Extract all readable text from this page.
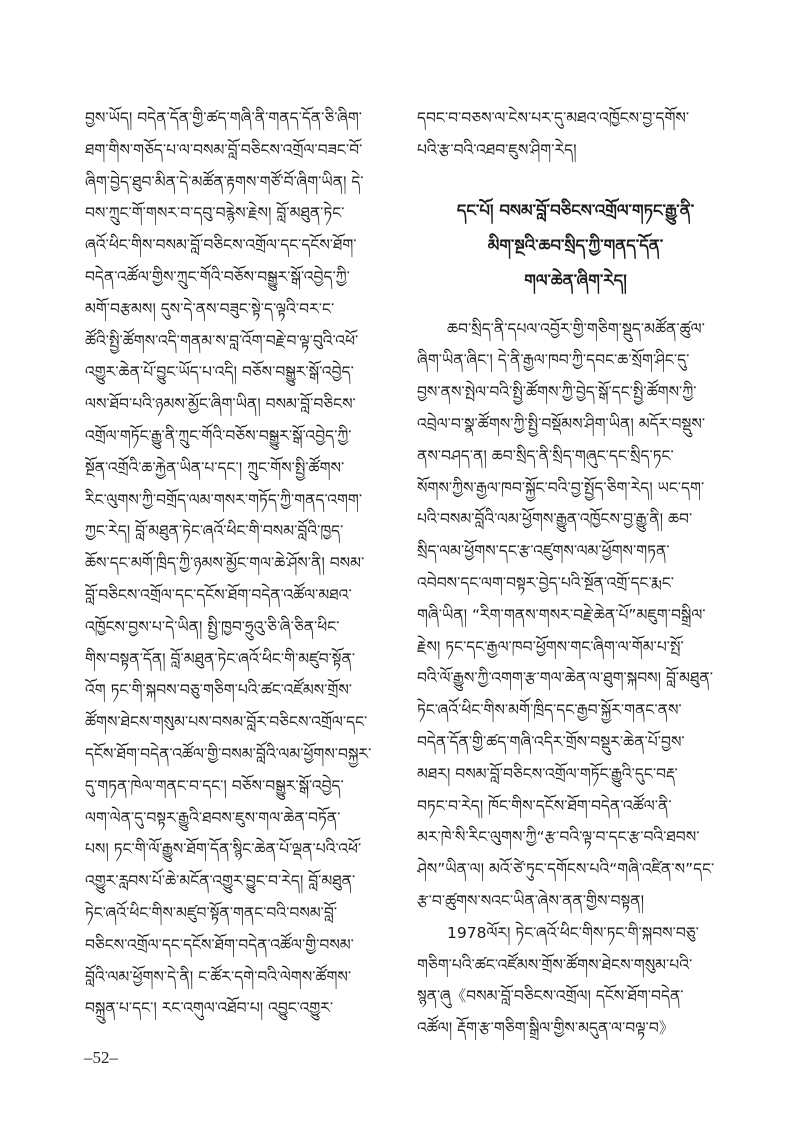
བྱས་ཡོད། བདེན་དོན་གྱི་ཚད་གཞི་ནི་གནད་དོན་ཅི་ཞིག་
ཐག་གིས་གཅོད་པ་ལ་བསམ་བློ་བཅིངས་འགྲོལ་བཟང་བོ་
ཞིག་བྱེད་ཐུབ་མིན་དེ་མཚོན་རྟགས་གཙོ་བོ་ཞིག་ཡིན། དེ་
བས་ཀྲུང་གོ་གསར་བ་དབུ་བརྙེས་རྗེས། བློ་མཐུན་ཏེང་
ཞའོ་ཕིང་གིས་བསམ་བློ་བཅིངས་འགྲོལ་དང་དངོས་ཐོག་
བདེན་འཚོལ་གྱིས་ཀྲུང་གོའི་བཅོས་བསྒྱུར་སྒོ་འབྱེད་ཀྱི་
མགོ་བརྩམས། དུས་དེ་ནས་བཟུང་སྟེ་ད་ལྟའི་བར་ང་
ཚོའི་སྤྱི་ཚོགས་འདི་གནམ་ས་བླ་འོག་བརྗེ་བ་ལྟ་བུའི་འཕོ་
འགྱུར་ཆེན་པོ་བྱུང་ཡོད་པ་འདི། བཅོས་བསྒྱུར་སྒོ་འབྱེད་
ལས་ཐོབ་པའི་ཉམས་མྱོང་ཞིག་ཡིན། བསམ་བློ་བཅིངས་
འགྲོལ་གཏོང་རྒྱུ་ནི་ཀྲུང་གོའི་བཅོས་བསྒྱུར་སྒོ་འབྱེད་ཀྱི་
སྔོན་འགྲོའི་ཆ་རྐྱེན་ཡིན་པ་དང་། ཀྲུང་གོས་སྤྱི་ཚོགས་
རིང་ལུགས་ཀྱི་བགྲོད་ལམ་གསར་གཏོད་ཀྱི་གནད་འགག་
ཀྱང་རེད། བློ་མཐུན་ཏེང་ཞའོ་ཕིང་གི་བསམ་བློའི་ཁྱད་
ཆོས་དང་མགོ་ཁྲིད་ཀྱི་ཉམས་མྱོང་གལ་ཆེ་ཤོས་ནི། བསམ་
བློ་བཅིངས་འགྲོལ་དང་དངོས་ཐོག་བདེན་འཚོལ་མཐའ་
འཁྱོངས་བྱས་པ་དེ་ཡིན། སྤྱི་ཁྱབ་ཧྲུའུ་ཅི་ཞི་ཅིན་ཕིང་
གིས་བསྟན་དོན། བློ་མཐུན་ཏེང་ཞའོ་ཕིང་གི་མཛུབ་སྟོན་
འོག ཏང་གི་སྐབས་བཅུ་གཅིག་པའི་ཚང་འཛོམས་གྲོས་
ཚོགས་ཐེངས་གསུམ་པས་བསམ་བློར་བཅིངས་འགྲོལ་དང་
དངོས་ཐོག་བདེན་འཚོལ་གྱི་བསམ་བློའི་ལམ་ཕྱོགས་བསྐྱར་
དུ་གཏན་ཁེལ་གནང་བ་དང་། བཅོས་བསྒྱུར་སྒོ་འབྱེད་
ལག་ལེན་དུ་བསྟར་རྒྱུའི་ཐབས་ཇུས་གལ་ཆེན་བཏོན་
པས། ཏང་གི་ལོ་རྒྱུས་ཐོག་དོན་སྙིང་ཆེན་པོ་ལྡན་པའི་འཕོ་
འགྱུར་རླབས་པོ་ཆེ་མངོན་འགྱུར་བྱུང་བ་རེད། བློ་མཐུན་
ཏེང་ཞའོ་ཕིང་གིས་མཛུབ་སྟོན་གནང་བའི་བསམ་བློ་
བཅིངས་འགྲོལ་དང་དངོས་ཐོག་བདེན་འཚོལ་གྱི་བསམ་
བློའི་ལམ་ཕྱོགས་དེ་ནི། ང་ཚོར་དགེ་བའི་ལེགས་ཚོགས་
བསྐྲུན་པ་དང་། རང་འགུལ་འཐོབ་པ། འབྱུང་འགྱུར་
དབང་བ་བཅས་ལ་ངེས་པར་དུ་མཐའ་འཁྱོངས་བྱ་དགོས་
པའི་རྩ་བའི་འཐབ་ཇུས་ཤིག་རེད།
དང་པོ། བསམ་བློ་བཅིངས་འགྲོལ་གཏང་རྒྱུ་ནི་
མིག་སྔའི་ཆབ་སྲིད་ཀྱི་གནད་དོན་
གལ་ཆེན་ཞིག་རེད།
ཆབ་སྲིད་ནི་དཔལ་འབྱོར་གྱི་གཅིག་སྡུད་མཚོན་ཚུལ་
ཞིག་ཡིན་ཞིང་། དེ་ནི་རྒྱལ་ཁབ་ཀྱི་དབང་ཆ་སྲོག་ཤིང་དུ་
བྱས་ནས་སྤེལ་བའི་སྤྱི་ཚོགས་ཀྱི་བྱེད་སྒོ་དང་སྤྱི་ཚོགས་ཀྱི་
འབྲེལ་བ་སྣ་ཚོགས་ཀྱི་སྤྱི་བསྡོམས་ཤིག་ཡིན། མདོར་བསྡུས་
ནས་བཤད་ན། ཆབ་སྲིད་ནི་སྲིད་གཞུང་དང་སྲིད་ཏང་
སོགས་ཀྱིས་རྒྱལ་ཁབ་སྐྱོང་བའི་བྱ་སྤྱོད་ཅིག་རེད། ཡང་དག་
པའི་བསམ་བློའི་ལམ་ཕྱོགས་རྒྱུན་འཁྱོངས་བྱ་རྒྱུ་ནི། ཆབ་
སྲིད་ལམ་ཕྱོགས་དང་རྩ་འཛུགས་ལམ་ཕྱོགས་གཏན་
འབེབས་དང་ལག་བསྟར་བྱེད་པའི་སྔོན་འགྲོ་དང་རྨང་
གཞི་ཡིན། “རིག་གནས་གསར་བརྗེ་ཆེན་པོ”མཇུག་བསྒྲིལ་
རྗེས། ཏང་དང་རྒྱལ་ཁབ་ཕྱོགས་གང་ཞིག་ལ་གོམ་པ་སྤོ་
བའི་ལོ་རྒྱུས་ཀྱི་འགག་རྩ་གལ་ཆེན་ལ་ཐུག་སྐབས། བློ་མཐུན་
ཏེང་ཞའོ་ཕིང་གིས་མགོ་ཁྲིད་དང་རྒྱབ་སྐྱོར་གནང་ནས་
བདེན་དོན་གྱི་ཚད་གཞི་འདིར་གྲོས་བསྡུར་ཆེན་པོ་བྱས་
མཐར། བསམ་བློ་བཅིངས་འགྲོལ་གཏོང་རྒྱུའི་དུང་བརྡ་
བཏང་བ་རེད། ཁོང་གིས་དངོས་ཐོག་བདེན་འཚོལ་ནི་
མར་ཁེ་སི་རིང་ལུགས་ཀྱི“རྩ་བའི་ལྟ་བ་དང་རྩ་བའི་ཐབས་
ཤེས”ཡིན་ལ། མའོ་ཙེ་ཏུང་དགོངས་པའི“གཞི་འཛིན་ས”དང་
རྩ་བ་ཚུགས་སའང་ཡིན་ཞེས་ནན་གྱིས་བསྟན།
1978ལོར། ཏེང་ཞའོ་ཕིང་གིས་ཏང་གི་སྐབས་བཅུ་
གཅིག་པའི་ཚང་འཛོམས་གྲོས་ཚོགས་ཐེངས་གསུམ་པའི་
སྙན་ཞུ《བསམ་བློ་བཅིངས་འགྲོལ། དངོས་ཐོག་བདེན་
འཚོལ། རྡོག་རྩ་གཅིག་སྒྲིལ་གྱིས་མདུན་ལ་བལྟ་བ》
–52–
